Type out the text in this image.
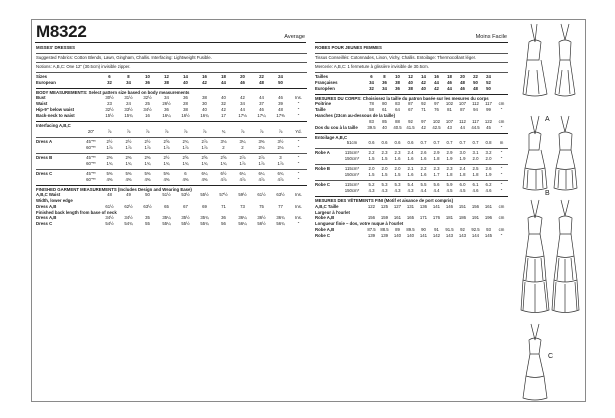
M8322	Average	Moins Facile
MISSES' DRESSES
Suggested Fabrics: Cotton Blends, Lawn, Gingham, Challis. Interfacing: Lightweight Fusible.
Notions: A,B,C: One 12" (30.5cm) invisible zipper.
Sizes	6	8	10	12	14	16	18	20	22	24
European	32	34	36	38	40	42	44	46	48	50
BODY MEASUREMENTS: Select pattern size based on body measurements
Bust	30½	31½	32½	34	36	38	40	42	44	46	Ins.
Waist	23	24	25	26½	28	30	32	34	37	39	"
Hip-9" below waist	32½	33½	34½	36	38	40	42	44	46	48	"
Back-neck to waist	15½	15¾	16	16¼	16½	16¾	17	17⅛	17¼	17⅜	"
Interfacing A,B,C
20"	⅞	⅞	⅞	⅞	⅞	⅞	¾	⅞	⅞	⅞	Yd.
Dress A	45"**	2½	2½	2½	2⅝	2¾	2⅞	3⅛	3¼	3⅜	3½	"
60"**	1⅞	1⅞	1⅞	1⅞	1⅞	1⅞	2	2	2⅛	2⅛	"
Dress B	45"**	2⅜	2⅜	2⅜	2½	2⅝	2⅝	2⅝	2⅞	2⅞	3	"
60"**	1¾	1¾	1¾	1¾	1¾	1¾	1¾	1⅞	1⅞	1⅞	"
Dress C	45"**	5⅜	5⅜	5⅜	5⅜	6	6¼	6½	6¼	6¼	6¾	"
60"**	4⅜	4⅜	4⅜	4⅜	4⅜	4⅜	4⅞	4⅞	4⅞	4⅞	"
FINISHED GARMENT MEASUREMENTS (Includes Design and Wearing Ease)
A,B,C Waist	48	49	50	51½	53½	55½	57½	59½	61½	63½	Ins.
Width, lower edge
Dress A,B	61½	62½	63½	65	67	69	71	73	75	77	Ins.
Finished back length from base of neck
Dress A,B	34½	34½	35	35¼	35½	35¾	36	36¼	36½	36¾	Ins.
Dress C	54½	54¾	55	55¼	55½	55¾	56	56¼	56½	56¾	"
ROBES POUR JEUNES FEMMES
Tissus Conseillés: Cotonnades, Linon, Vichy, Challis. Entoilage: Thermocollant léger.
Mercerie: A,B,C: 1 fermeture à glissière invisible de 30.5cm.
Tailles	6	8	10	12	14	16	18	20	22	24
Françaises	34	36	38	40	42	44	46	48	50	52
Européen	32	34	36	38	40	42	44	46	48	50
MESURES DU CORPS: Choisissez la taille du patron basée sur les mesures du corps
Poitrine	78	80	83	87	92	97	102	107	112	117	cm
Taille	58	61	64	67	71	76	81	87	94	99	"
Hanches (23cm au-dessous de la taille)
83	85	88	92	97	102	107	112	117	122	cm
Dos du cou à la taille	39.5	40	40.5	41.5	42	42.5	43	44	44.5	45	"
Entoilage A,B,C
51cm	0.6	0.6	0.6	0.6	0.7	0.7	0.7	0.7	0.7	0.8	m
Robe A	115cm*	2.2	2.3	2.3	2.4	2.6	2.9	2.9	3.0	3.1	3.2	"
150cm*	1.5	1.5	1.6	1.6	1.6	1.8	1.9	1.9	2.0	2.0	"
Robe B	115cm*	2.0	2.0	2.0	2.1	2.2	2.3	2.3	2.4	2.5	2.6	"
150cm*	1.5	1.5	1.5	1.6	1.6	1.7	1.8	1.8	1.8	1.9	"
Robe C	115cm*	5.2	5.3	5.3	5.4	5.5	5.6	5.9	6.0	6.1	6.2	"
150cm*	4.3	4.3	4.3	4.3	4.4	4.4	4.5	4.5	4.6	4.6	"
MESURES DES VÊTEMENTS FINI (Motif et aisance de port compris)
A,B,C Taille	122	125	127	131	136	141	146	151	156	161	cm
Largeur à l'ourlet
Robe A,B	156	159	161	165	171	176	181	186	191	196	cm
Longueur finie – dos, votre nuque à l'ourlet
Robe A,B	87.5	88.5	89	89.5	90	91	91.5	92	92.5	93	cm
Robe C	139	139	140	140	141	142	143	143	144	145	"
A
B
C
